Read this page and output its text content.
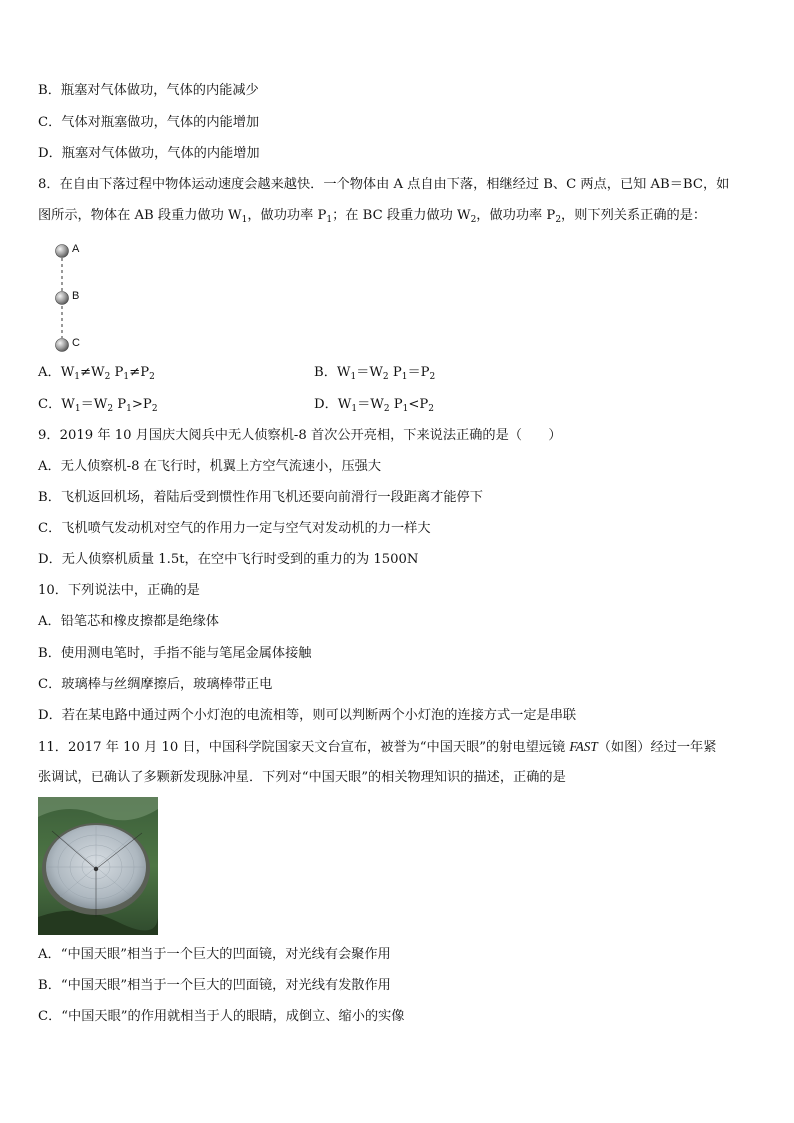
B．瓶塞对气体做功，气体的内能减少
C．气体对瓶塞做功，气体的内能增加
D．瓶塞对气体做功，气体的内能增加
8．在自由下落过程中物体运动速度会越来越快．一个物体由 A 点自由下落，相继经过 B、C 两点，已知 AB＝BC，如
图所示，物体在 AB 段重力做功 $W_1$，做功功率 $P_1$；在 BC 段重力做功 $W_2$，做功功率 $P_2$，则下列关系正确的是：
A
B
C
A．$W_1\ne W_2$ $P_1\ne P_2$	B．$W_1=W_2$ $P_1=P_2$
C．$W_1=W_2$ $P_1>P_2$	D．$W_1=W_2$ $P_1<P_2$
9．2019 年 10 月国庆大阅兵中无人侦察机-8 首次公开亮相，下来说法正确的是（　　）
A．无人侦察机-8 在飞行时，机翼上方空气流速小，压强大
B．飞机返回机场，着陆后受到惯性作用飞机还要向前滑行一段距离才能停下
C．飞机喷气发动机对空气的作用力一定与空气对发动机的力一样大
D．无人侦察机质量 1.5t，在空中飞行时受到的重力的为 1500N
10．下列说法中，正确的是
A．铅笔芯和橡皮擦都是绝缘体
B．使用测电笔时，手指不能与笔尾金属体接触
C．玻璃棒与丝绸摩擦后，玻璃棒带正电
D．若在某电路中通过两个小灯泡的电流相等，则可以判断两个小灯泡的连接方式一定是串联
11．2017 年 10 月 10 日，中国科学院国家天文台宣布，被誉为“中国天眼”的射电望远镜 FAST（如图）经过一年紧
张调试，已确认了多颗新发现脉冲星．下列对“中国天眼”的相关物理知识的描述，正确的是
A．“中国天眼”相当于一个巨大的凹面镜，对光线有会聚作用
B．“中国天眼”相当于一个巨大的凹面镜，对光线有发散作用
C．“中国天眼”的作用就相当于人的眼睛，成倒立、缩小的实像
